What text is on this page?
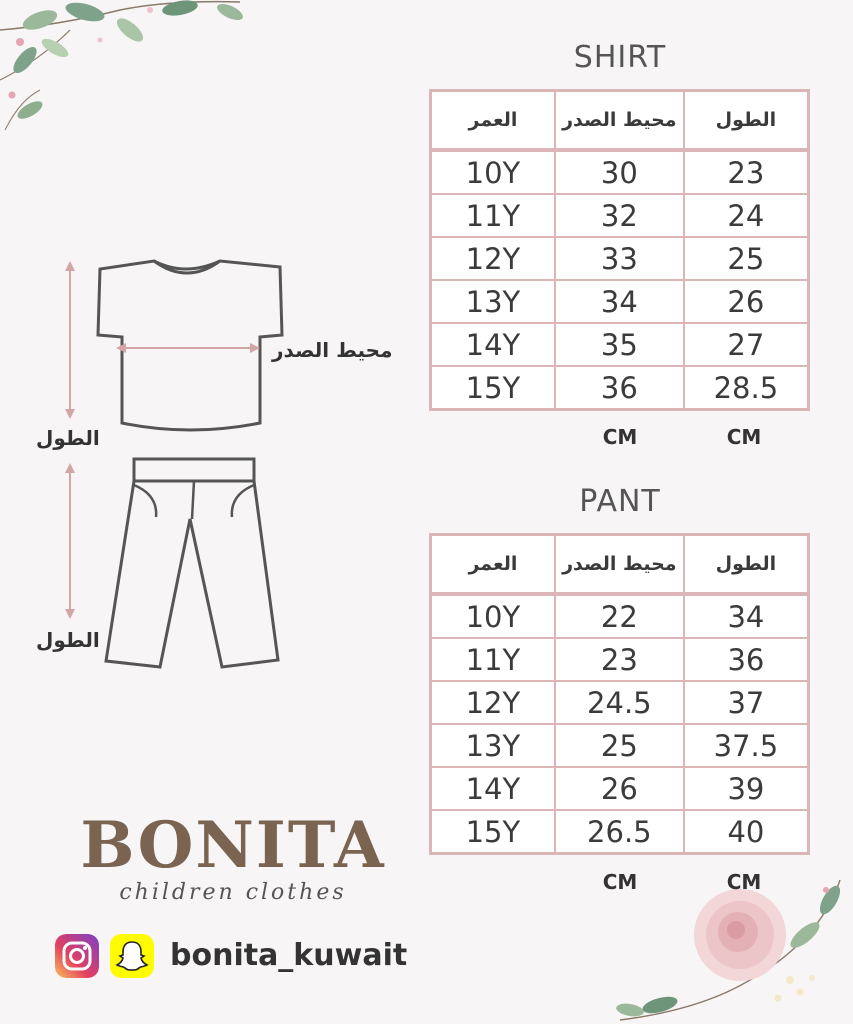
محيط الصدر
الطول
الطول
SHIRT
العمر	محيط الصدر	الطول
10Y	30	23
11Y	32	24
12Y	33	25
13Y	34	26
14Y	35	27
15Y	36	28.5
CM	CM
PANT
العمر	محيط الصدر	الطول
10Y	22	34
11Y	23	36
12Y	24.5	37
13Y	25	37.5
14Y	26	39
15Y	26.5	40
CM	CM
BONITA
children clothes
bonita_kuwait
